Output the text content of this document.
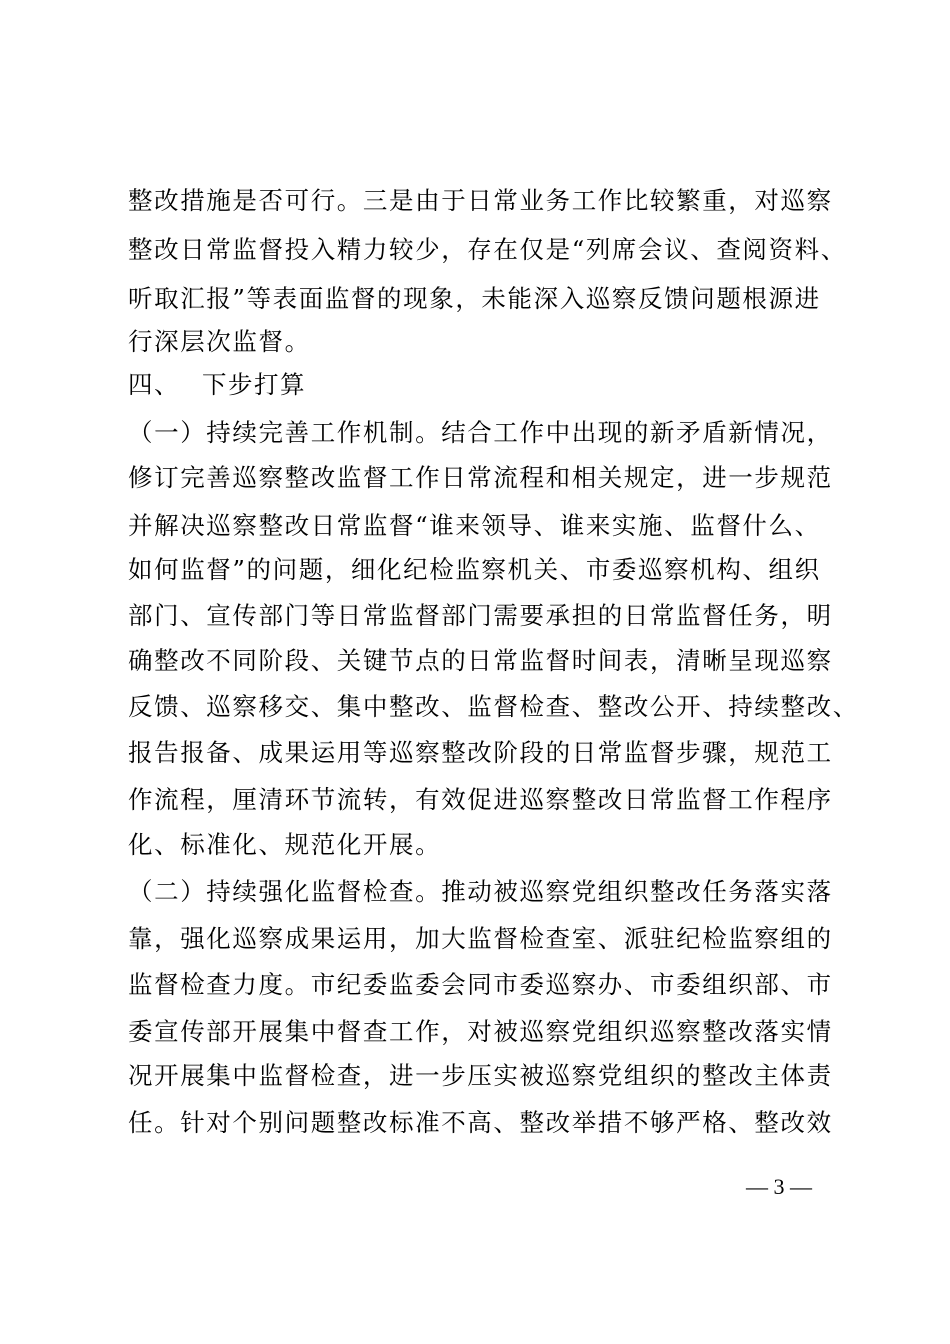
整改措施是否可行。三是由于日常业务工作比较繁重，对巡察
整改日常监督投入精力较少，存在仅是“列席会议、查阅资料、
听取汇报”等表面监督的现象，未能深入巡察反馈问题根源进
行深层次监督。
四、 下步打算
（一）持续完善工作机制。结合工作中出现的新矛盾新情况，
修订完善巡察整改监督工作日常流程和相关规定，进一步规范
并解决巡察整改日常监督“谁来领导、谁来实施、监督什么、
如何监督”的问题，细化纪检监察机关、市委巡察机构、组织
部门、宣传部门等日常监督部门需要承担的日常监督任务，明
确整改不同阶段、关键节点的日常监督时间表，清晰呈现巡察
反馈、巡察移交、集中整改、监督检查、整改公开、持续整改、
报告报备、成果运用等巡察整改阶段的日常监督步骤，规范工
作流程，厘清环节流转，有效促进巡察整改日常监督工作程序
化、标准化、规范化开展。
（二）持续强化监督检查。推动被巡察党组织整改任务落实落
靠，强化巡察成果运用，加大监督检查室、派驻纪检监察组的
监督检查力度。市纪委监委会同市委巡察办、市委组织部、市
委宣传部开展集中督查工作，对被巡察党组织巡察整改落实情
况开展集中监督检查，进一步压实被巡察党组织的整改主体责
任。针对个别问题整改标准不高、整改举措不够严格、整改效
— 3 —
